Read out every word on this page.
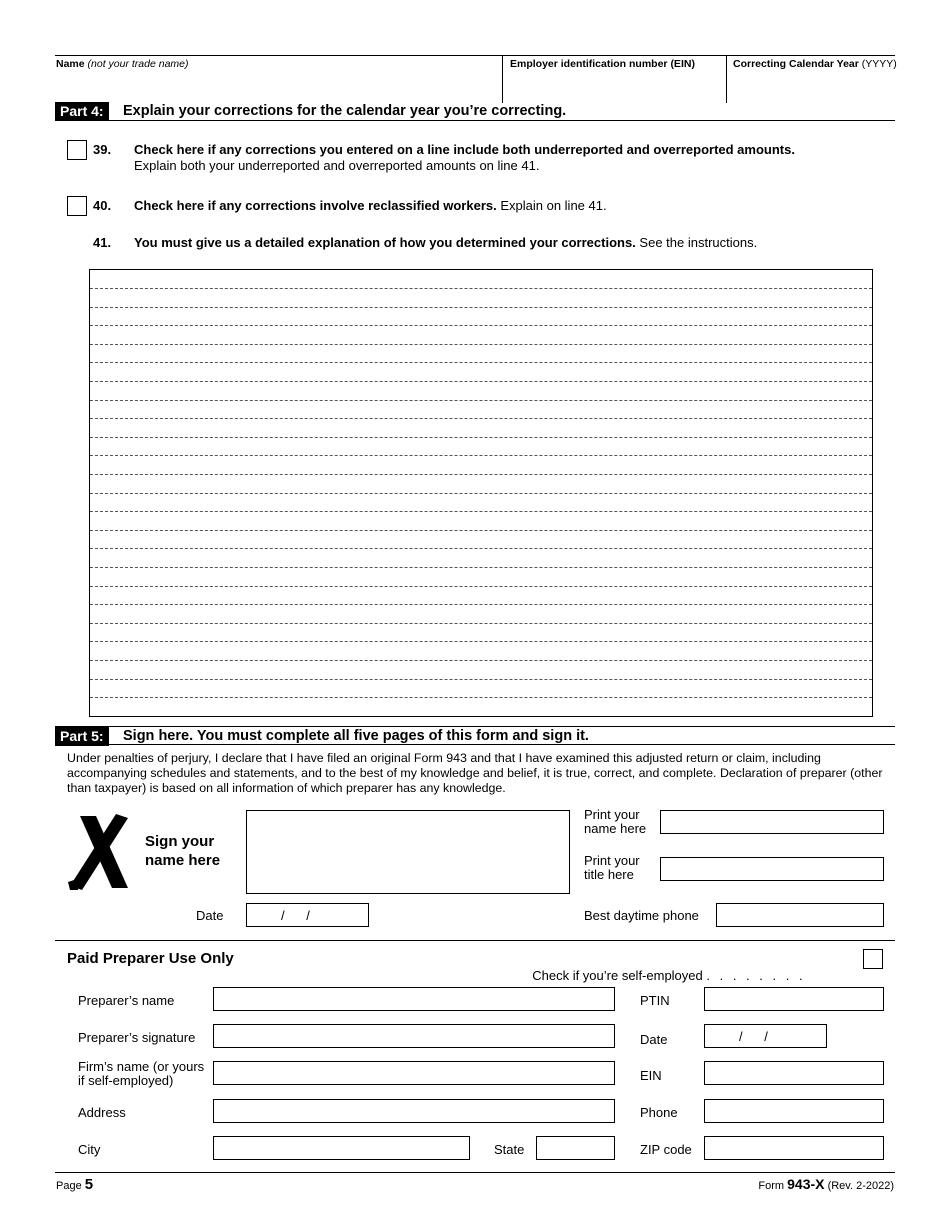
Name (not your trade name)	Employer identification number (EIN)	Correcting Calendar Year (YYYY)
Part 4:	Explain your corrections for the calendar year you’re correcting.
39. Check here if any corrections you entered on a line include both underreported and overreported amounts.
Explain both your underreported and overreported amounts on line 41.
40. Check here if any corrections involve reclassified workers. Explain on line 41.
41. You must give us a detailed explanation of how you determined your corrections. See the instructions.
Part 5:	Sign here. You must complete all five pages of this form and sign it.
Under penalties of perjury, I declare that I have filed an original Form 943 and that I have examined this adjusted return or claim, including accompanying schedules and statements, and to the best of my knowledge and belief, it is true, correct, and complete. Declaration of preparer (other than taxpayer) is based on all information of which preparer has any knowledge.
Sign your
name here
Print your
name here
Print your
title here
Date	/      /	Best daytime phone
Paid Preparer Use Only

Check if you’re self-employed . . . . . . . .

Preparer’s name	PTIN
Preparer’s signature	Date	/      /
Firm’s name (or yours
if self-employed)	EIN
Address	Phone
City	State	ZIP code
Page 5	Form 943-X (Rev. 2-2022)
